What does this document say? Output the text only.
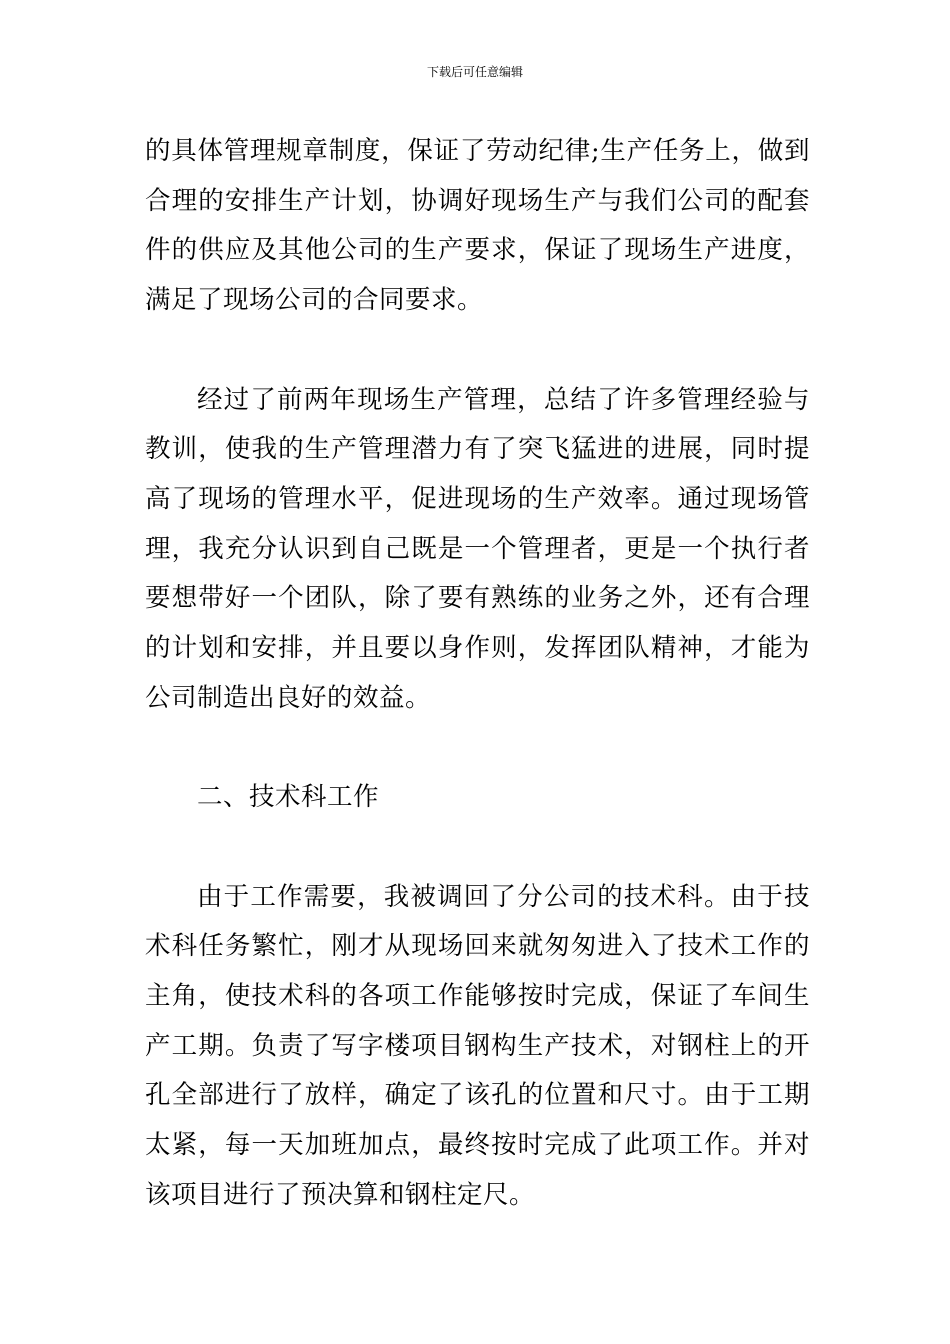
下载后可任意编辑

的具体管理规章制度，保证了劳动纪律;生产任务上，做到合理的安排生产计划，协调好现场生产与我们公司的配套件的供应及其他公司的生产要求，保证了现场生产进度，满足了现场公司的合同要求。

经过了前两年现场生产管理，总结了许多管理经验与教训，使我的生产管理潜力有了突飞猛进的进展，同时提高了现场的管理水平，促进现场的生产效率。通过现场管理，我充分认识到自己既是一个管理者，更是一个执行者要想带好一个团队，除了要有熟练的业务之外，还有合理的计划和安排，并且要以身作则，发挥团队精神，才能为公司制造出良好的效益。

二、技术科工作

由于工作需要，我被调回了分公司的技术科。由于技术科任务繁忙，刚才从现场回来就匆匆进入了技术工作的主角，使技术科的各项工作能够按时完成，保证了车间生产工期。负责了写字楼项目钢构生产技术，对钢柱上的开孔全部进行了放样，确定了该孔的位置和尺寸。由于工期太紧，每一天加班加点，最终按时完成了此项工作。并对该项目进行了预决算和钢柱定尺。
